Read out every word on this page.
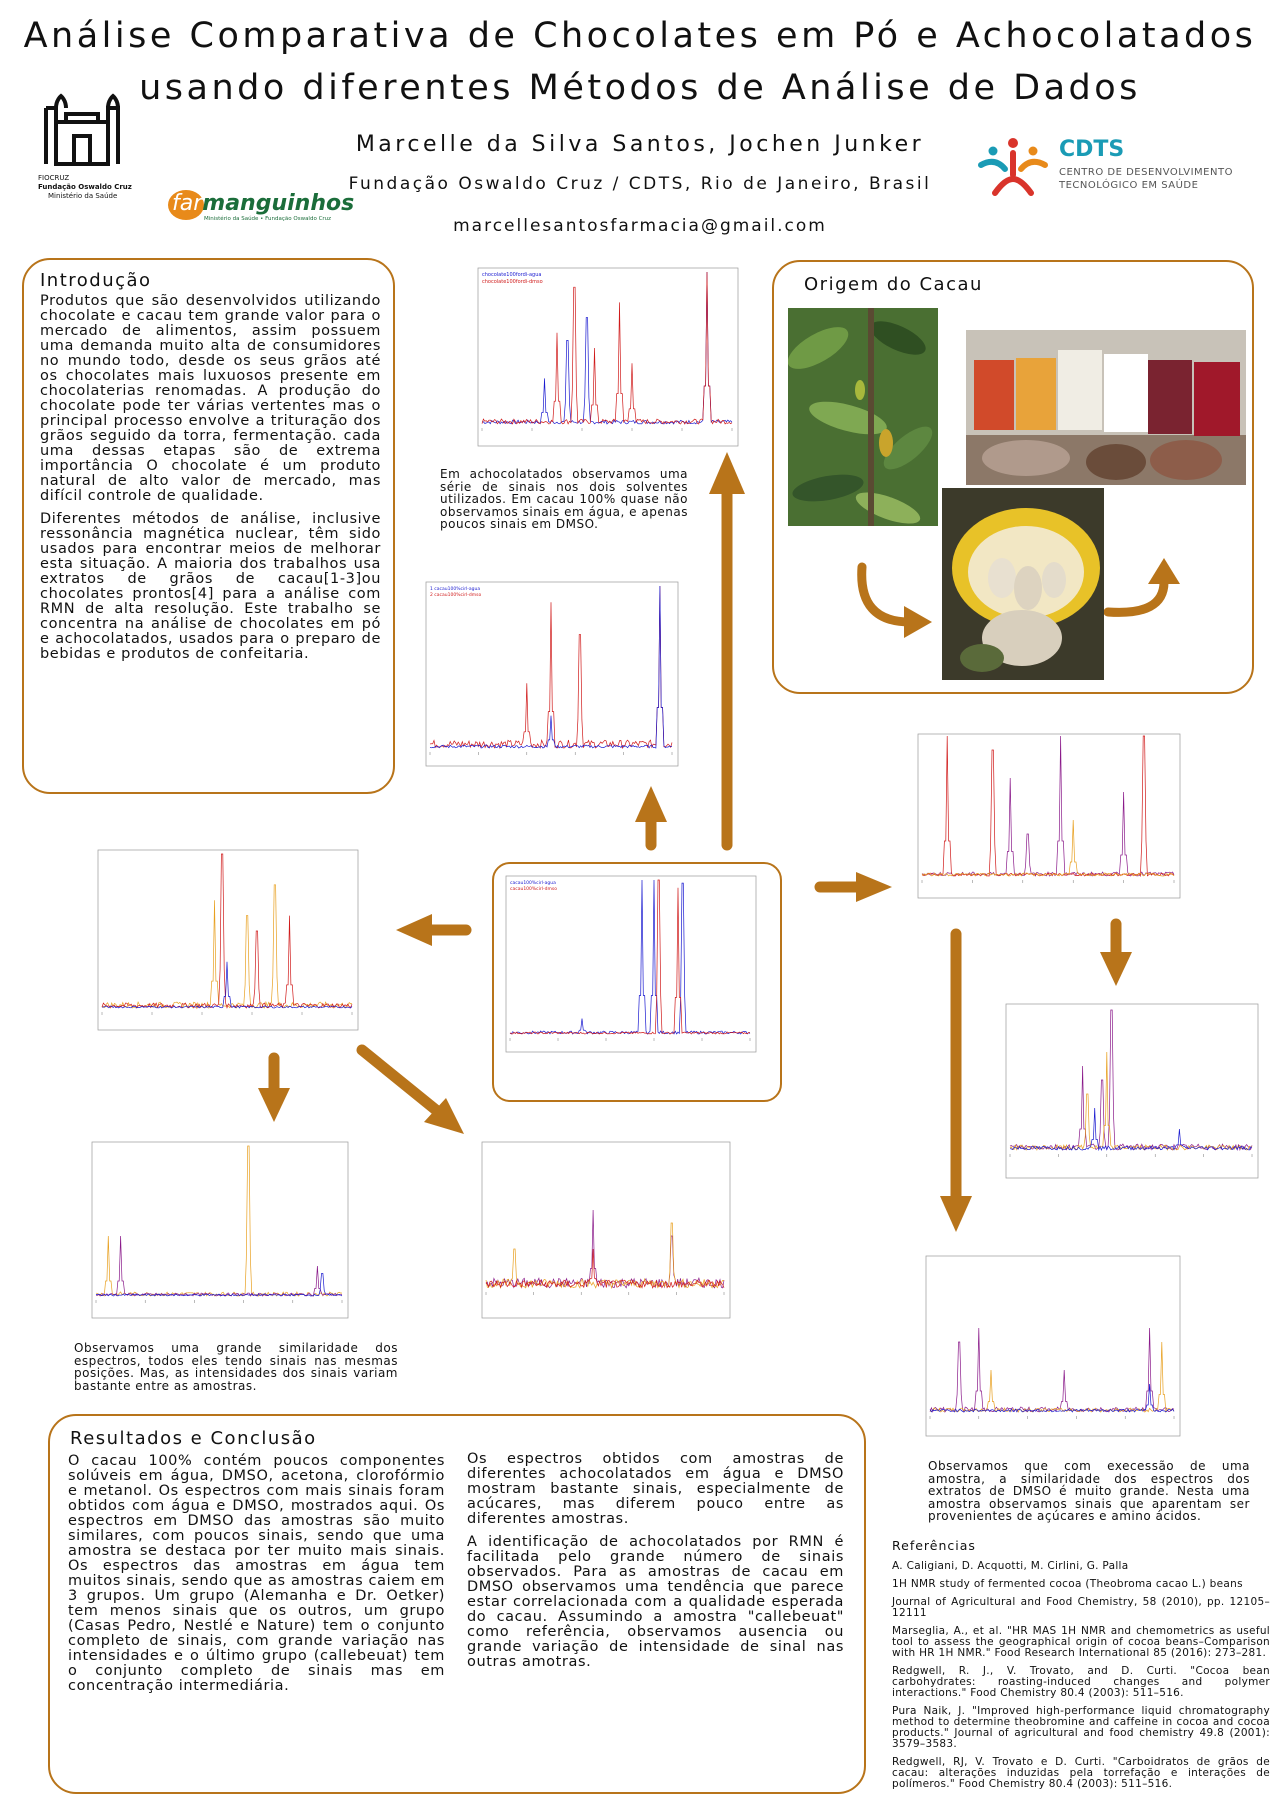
Análise Comparativa de Chocolates em Pó e Achocolatados
usando diferentes Métodos de Análise de Dados
FIOCRUZ
Fundação Oswaldo Cruz
Ministério da Saúde	farmanguinhos
Ministério da Saúde • Fundação Oswaldo Cruz
Marcelle da Silva Santos, Jochen Junker
Fundação Oswaldo Cruz / CDTS, Rio de Janeiro, Brasil
marcellesantosfarmacia@gmail.com
CDTS
CENTRO DE DESENVOLVIMENTO
TECNOLÓGICO EM SAÚDE
Introdução

Produtos que são desenvolvidos utilizando chocolate e cacau tem grande valor para o mercado de alimentos, assim possuem uma demanda muito alta de consumidores no mundo todo, desde os seus grãos até os chocolates mais luxuosos presente em chocolaterias renomadas. A produção do chocolate pode ter várias vertentes mas o principal processo envolve a trituração dos grãos seguido da torra, fermentação. cada uma dessas etapas são de extrema importância O chocolate é um produto natural de alto valor de mercado, mas difícil controle de qualidade.

Diferentes métodos de análise, inclusive ressonância magnética nuclear, têm sido usados para encontrar meios de melhorar esta situação. A maioria dos trabalhos usa extratos de grãos de cacau[1-3]ou chocolates prontos[4] para a análise com RMN de alta resolução. Este trabalho se concentra na análise de chocolates em pó e achocolatados, usados para o preparo de bebidas e produtos de confeitaria.

Origem do Cacau
chocolate100fordi-agua
chocolate100fordi-dmso
Em achocolatados observamos uma série de sinais nos dois solventes utilizados. Em cacau 100% quase não observamos sinais em água, e apenas poucos sinais em DMSO.
1 cacau100%cirl-agua
2 cacau100%cirl-dmso
cacau100%cirl-agua
cacau100%cirl-dmso
Observamos uma grande similaridade dos espectros, todos eles tendo sinais nas mesmas posições. Mas, as intensidades dos sinais variam bastante entre as amostras.
Observamos que com execessão de uma amostra, a similaridade dos espectros dos extratos de DMSO é muito grande. Nesta uma amostra observamos sinais que aparentam ser provenientes de açúcares e amino ácidos.
Resultados e Conclusão
O cacau 100% contém poucos componentes solúveis em água, DMSO, acetona, clorofórmio e metanol. Os espectros com mais sinais foram obtidos com água e DMSO, mostrados aqui. Os espectros em DMSO das amostras são muito similares, com poucos sinais, sendo que uma amostra se destaca por ter muito mais sinais. Os espectros das amostras em água tem muitos sinais, sendo que as amostras caiem em 3 grupos. Um grupo (Alemanha e Dr. Oetker) tem menos sinais que os outros, um grupo (Casas Pedro, Nestlé e Nature) tem o conjunto completo de sinais, com grande variação nas intensidades e o último grupo (callebeuat) tem o conjunto completo de sinais mas em concentração intermediária.

Os espectros obtidos com amostras de diferentes achocolatados em água e DMSO mostram bastante sinais, especialmente de acúcares, mas diferem pouco entre as diferentes amostras.

A identificação de achocolatados por RMN é facilitada pelo grande número de sinais observados. Para as amostras de cacau em DMSO observamos uma tendência que parece estar correlacionada com a qualidade esperada do cacau. Assumindo a amostra "callebeuat" como referência, observamos ausencia ou grande variação de intensidade de sinal nas outras amotras.

Referências

A. Caligiani, D. Acquotti, M. Cirlini, G. Palla

1H NMR study of fermented cocoa (Theobroma cacao L.) beans

Journal of Agricultural and Food Chemistry, 58 (2010), pp. 12105–12111

Marseglia, A., et al. "HR MAS 1H NMR and chemometrics as useful tool to assess the geographical origin of cocoa beans–Comparison with HR 1H NMR." Food Research International 85 (2016): 273–281.

Redgwell, R. J., V. Trovato, and D. Curti. "Cocoa bean carbohydrates: roasting-induced changes and polymer interactions." Food Chemistry 80.4 (2003): 511–516.

Pura Naik, J. "Improved high-performance liquid chromatography method to determine theobromine and caffeine in cocoa and cocoa products." Journal of agricultural and food chemistry 49.8 (2001): 3579–3583.

Redgwell, RJ, V. Trovato e D. Curti. "Carboidratos de grãos de cacau: alterações induzidas pela torrefação e interações de polímeros." Food Chemistry 80.4 (2003): 511–516.
